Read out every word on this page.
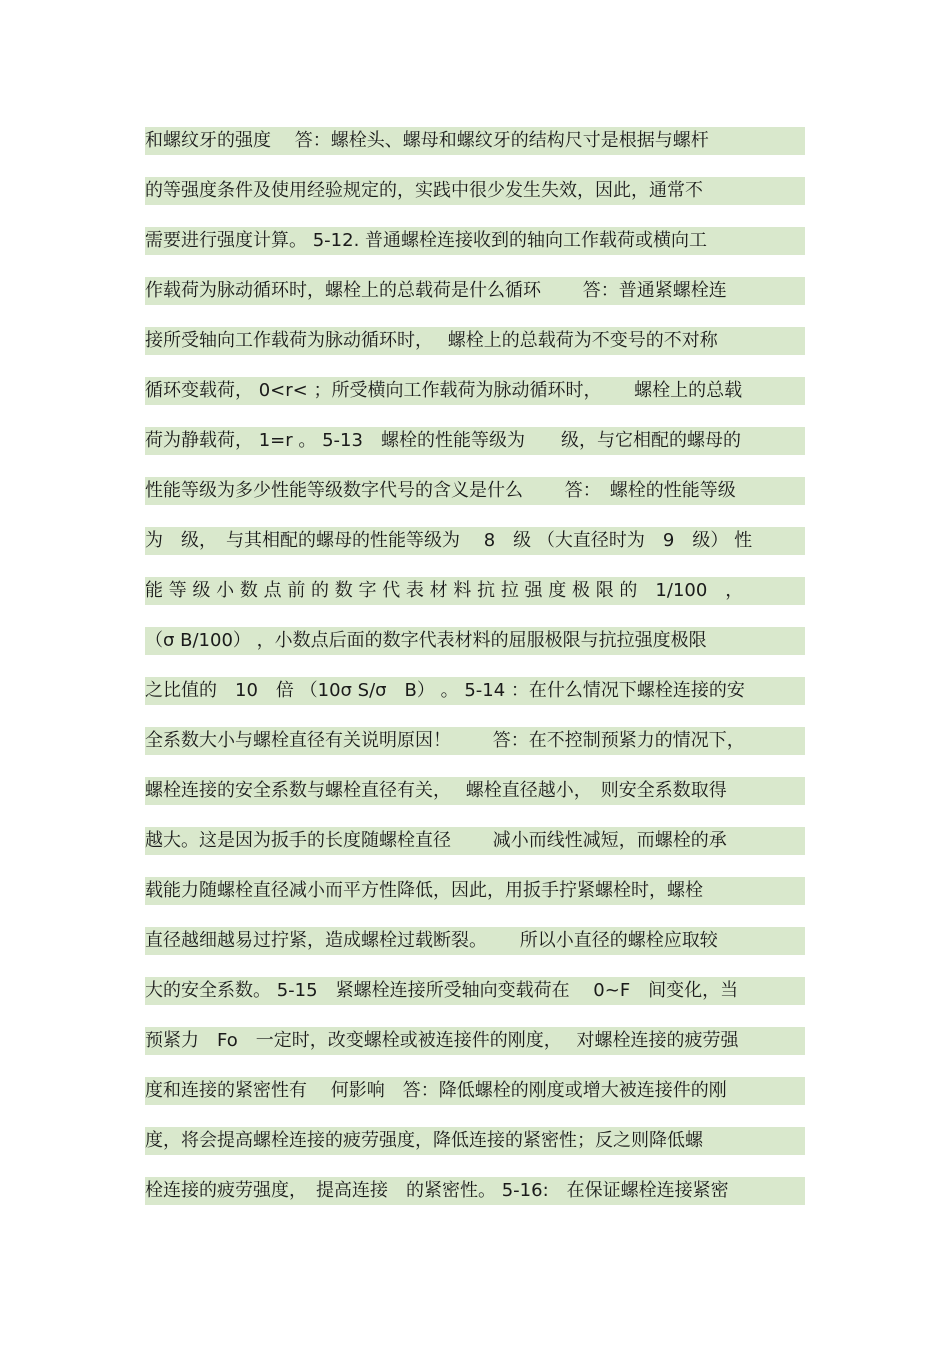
和螺纹牙的强度　 答：螺栓头、螺母和螺纹牙的结构尺寸是根据与螺杆
的等强度条件及使用经验规定的，实践中很少发生失效，因此，通常不
需要进行强度计算。 5-12. 普通螺栓连接收到的轴向工作载荷或横向工
作载荷为脉动循环时，螺栓上的总载荷是什么循环　　 答：普通紧螺栓连
接所受轴向工作载荷为脉动循环时，　 螺栓上的总载荷为不变号的不对称
循环变载荷， 0<r< ；所受横向工作载荷为脉动循环时，　　 螺栓上的总载
荷为静载荷， 1=r 。 5-13　螺栓的性能等级为　　级，与它相配的螺母的
性能等级为多少性能等级数字代号的含义是什么　　 答：　螺栓的性能等级
为　级，　与其相配的螺母的性能等级为　 8　级 （大直径时为　9　级） 性
能 等 级 小 数 点 前 的 数 字 代 表 材 料 抗 拉 强 度 极 限 的　1/100　，
（σ B/100） ，小数点后面的数字代表材料的屈服极限与抗拉强度极限
之比值的　10　倍 （10σ S/σ　B） 。 5-14 ：在什么情况下螺栓连接的安
全系数大小与螺栓直径有关说明原因！　　 答：在不控制预紧力的情况下，
螺栓连接的安全系数与螺栓直径有关，　 螺栓直径越小，　则安全系数取得
越大。这是因为扳手的长度随螺栓直径　　 减小而线性减短，而螺栓的承
载能力随螺栓直径减小而平方性降低，因此，用扳手拧紧螺栓时，螺栓
直径越细越易过拧紧，造成螺栓过载断裂。　　 所以小直径的螺栓应取较
大的安全系数。 5-15　紧螺栓连接所受轴向变载荷在　 0~F　间变化，当
预紧力　Fo　一定时，改变螺栓或被连接件的刚度，　 对螺栓连接的疲劳强
度和连接的紧密性有　 何影响　答：降低螺栓的刚度或增大被连接件的刚
度，将会提高螺栓连接的疲劳强度，降低连接的紧密性；反之则降低螺
栓连接的疲劳强度，　提高连接　的紧密性。 5-16:　在保证螺栓连接紧密
